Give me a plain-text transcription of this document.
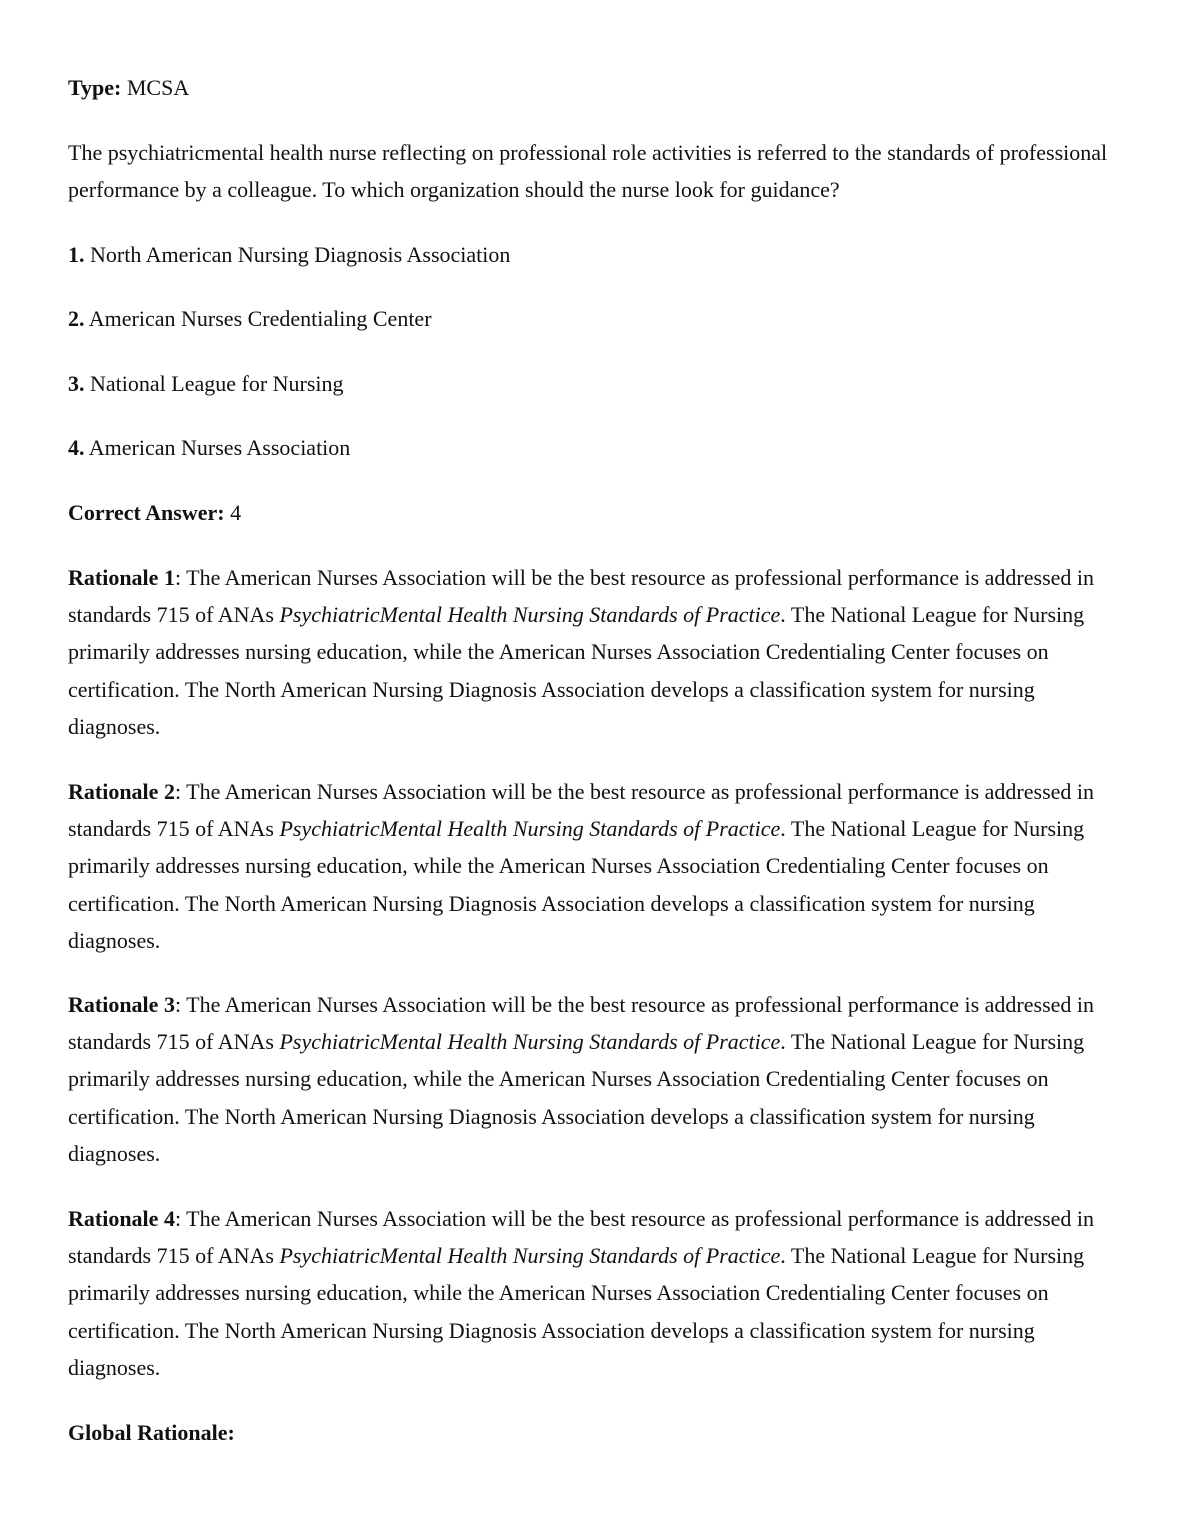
Type: MCSA
The psychiatricmental health nurse reflecting on professional role activities is referred to the standards of professional performance by a colleague. To which organization should the nurse look for guidance?
1. North American Nursing Diagnosis Association
2. American Nurses Credentialing Center
3. National League for Nursing
4. American Nurses Association
Correct Answer: 4
Rationale 1: The American Nurses Association will be the best resource as professional performance is addressed in standards 715 of ANAs PsychiatricMental Health Nursing Standards of Practice. The National League for Nursing primarily addresses nursing education, while the American Nurses Association Credentialing Center focuses on certification. The North American Nursing Diagnosis Association develops a classification system for nursing diagnoses.
Rationale 2: The American Nurses Association will be the best resource as professional performance is addressed in standards 715 of ANAs PsychiatricMental Health Nursing Standards of Practice. The National League for Nursing primarily addresses nursing education, while the American Nurses Association Credentialing Center focuses on certification. The North American Nursing Diagnosis Association develops a classification system for nursing diagnoses.
Rationale 3: The American Nurses Association will be the best resource as professional performance is addressed in standards 715 of ANAs PsychiatricMental Health Nursing Standards of Practice. The National League for Nursing primarily addresses nursing education, while the American Nurses Association Credentialing Center focuses on certification. The North American Nursing Diagnosis Association develops a classification system for nursing diagnoses.
Rationale 4: The American Nurses Association will be the best resource as professional performance is addressed in standards 715 of ANAs PsychiatricMental Health Nursing Standards of Practice. The National League for Nursing primarily addresses nursing education, while the American Nurses Association Credentialing Center focuses on certification. The North American Nursing Diagnosis Association develops a classification system for nursing diagnoses.
Global Rationale:
